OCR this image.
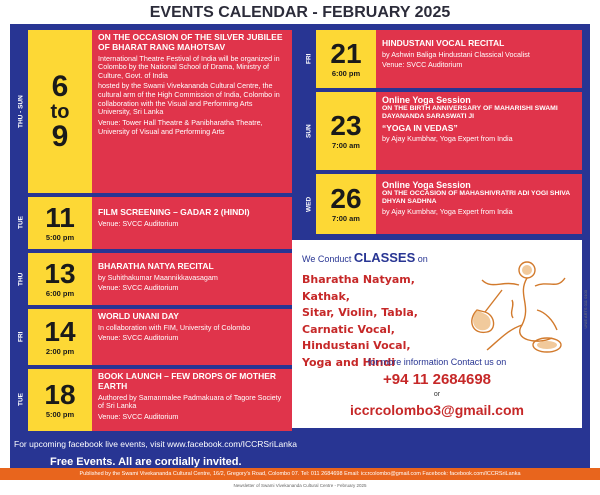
EVENTS CALENDAR - FEBRUARY 2025
THU - SUN
6
to
9
ON THE OCCASION OF THE SILVER JUBILEE OF BHARAT RANG MAHOTSAV
International Theatre Festival of India will be organized in Colombo by the National School of Drama, Ministry of Culture, Govt. of India
hosted by the Swami Vivekananda Cultural Centre, the cultural arm of the High Commission of India, Colombo in collaboration with the Visual and Performing Arts University, Sri Lanka
Venue: Tower Hall Theatre & Panibharatha Theatre, University of Visual and Performing Arts
TUE 11
5:00 pm
FILM SCREENING – GADAR 2 (HINDI)
Venue: SVCC Auditorium
THU 13
6:00 pm
BHARATHA NATYA RECITAL
by Suhithakumar Maannikkavasagam
Venue: SVCC Auditorium
FRI 14
2:00 pm
WORLD UNANI DAY
In collaboration with FIM, University of Colombo
Venue: SVCC Auditorium
TUE 18
5:00 pm
BOOK LAUNCH – FEW DROPS OF MOTHER EARTH
Authored by Samanmalee Padmakuara of Tagore Society of Sri Lanka
Venue: SVCC Auditorium
FRI 21
6:00 pm
HINDUSTANI VOCAL RECITAL
by Ashwin Baliga Hindustani Classical Vocalist
Venue: SVCC Auditorium
SUN 23
7:00 am
Online Yoga Session
ON THE BIRTH ANNIVERSARY OF MAHARISHI SWAMI DAYANANDA SARASWATI JI
“YOGA IN VEDAS”
by Ajay Kumbhar, Yoga Expert from India
WED 26
7:00 am
Online Yoga Session
ON THE OCCASION OF MAHASHIVRATRI ADI YOGI SHIVA DHYAN SADHNA
by Ajay Kumbhar, Yoga Expert from India
We Conduct CLASSES on
Bharatha Natyam, Kathak,
Sitar, Violin, Tabla,
Carnatic Vocal,
Hindustani Vocal,
Yoga and Hindi
for more information Contact us on
+94 11 2684698
or
iccrcolombo3@gmail.com
UNIE ARTS 011 0100
For upcoming facebook live events, visit www.facebook.com/ICCRSriLanka
Free Events. All are cordially invited.
Published by the Swami Vivekananda Cultural Centre, 16/2, Gregory's Road, Colombo 07. Tel: 011 2684698 Email: iccrcolombo@gmail.com Facebook: facebook.com/ICCRSriLanka
Newsletter of Swami Vivekananda Cultural Centre - February 2025
